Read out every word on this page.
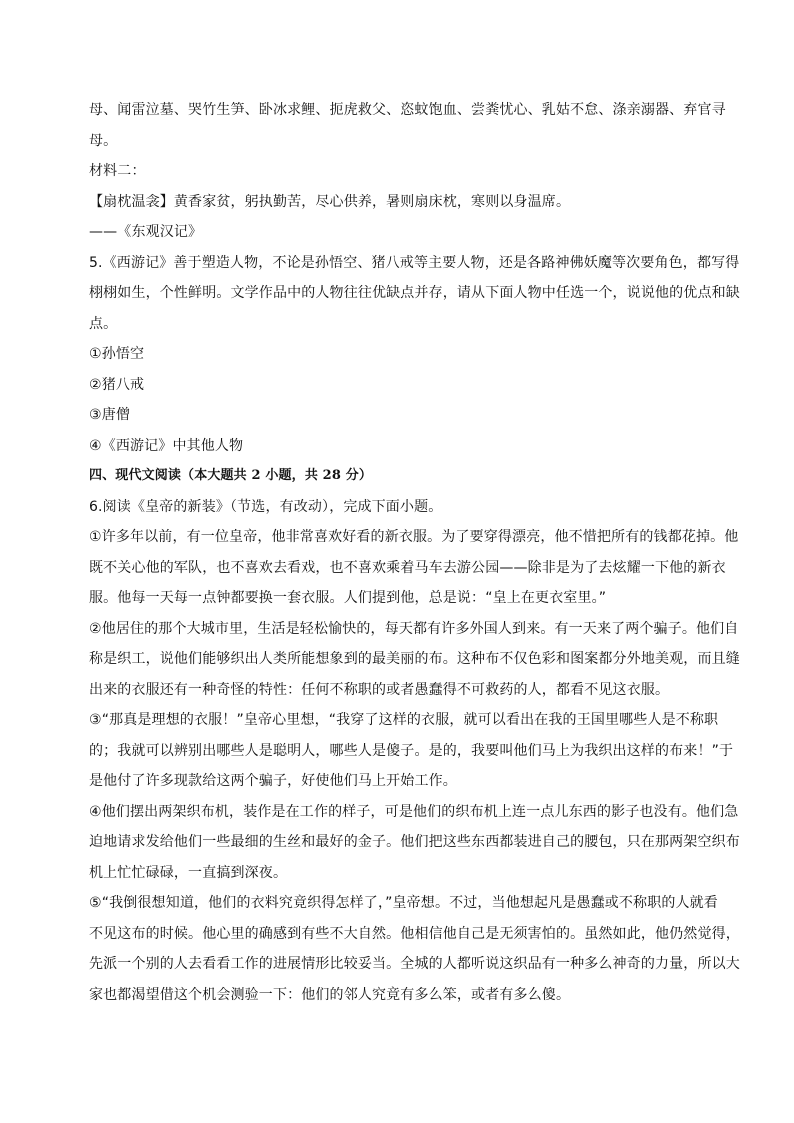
母、闻雷泣墓、哭竹生笋、卧冰求鲤、扼虎救父、恣蚊饱血、尝粪忧心、乳姑不怠、涤亲溺器、弃官寻
母。
材料二：
【扇枕温衾】黄香家贫，躬执勤苦，尽心供养，暑则扇床枕，寒则以身温席。
——《东观汉记》
5.《西游记》善于塑造人物，不论是孙悟空、猪八戒等主要人物，还是各路神佛妖魔等次要角色，都写得
栩栩如生，个性鲜明。文学作品中的人物往往优缺点并存，请从下面人物中任选一个，说说他的优点和缺
点。
①孙悟空
②猪八戒
③唐僧
④《西游记》中其他人物
四、现代文阅读（本大题共 2 小题，共 28 分）
6.阅读《皇帝的新装》（节选，有改动），完成下面小题。
①许多年以前，有一位皇帝，他非常喜欢好看的新衣服。为了要穿得漂亮，他不惜把所有的钱都花掉。他
既不关心他的军队，也不喜欢去看戏，也不喜欢乘着马车去游公园——除非是为了去炫耀一下他的新衣
服。他每一天每一点钟都要换一套衣服。人们提到他，总是说：“皇上在更衣室里。”
②他居住的那个大城市里，生活是轻松愉快的，每天都有许多外国人到来。有一天来了两个骗子。他们自
称是织工，说他们能够织出人类所能想象到的最美丽的布。这种布不仅色彩和图案都分外地美观，而且缝
出来的衣服还有一种奇怪的特性：任何不称职的或者愚蠢得不可救药的人，都看不见这衣服。
③“那真是理想的衣服！”皇帝心里想，“我穿了这样的衣服，就可以看出在我的王国里哪些人是不称职
的；我就可以辨别出哪些人是聪明人，哪些人是傻子。是的，我要叫他们马上为我织出这样的布来！”于
是他付了许多现款给这两个骗子，好使他们马上开始工作。
④他们摆出两架织布机，装作是在工作的样子，可是他们的织布机上连一点儿东西的影子也没有。他们急
迫地请求发给他们一些最细的生丝和最好的金子。他们把这些东西都装进自己的腰包，只在那两架空织布
机上忙忙碌碌，一直搞到深夜。
⑤“我倒很想知道，他们的衣料究竟织得怎样了，”皇帝想。不过，当他想起凡是愚蠢或不称职的人就看
不见这布的时候。他心里的确感到有些不大自然。他相信他自己是无须害怕的。虽然如此，他仍然觉得，
先派一个别的人去看看工作的进展情形比较妥当。全城的人都听说这织品有一种多么神奇的力量，所以大
家也都渴望借这个机会测验一下：他们的邻人究竟有多么笨，或者有多么傻。
